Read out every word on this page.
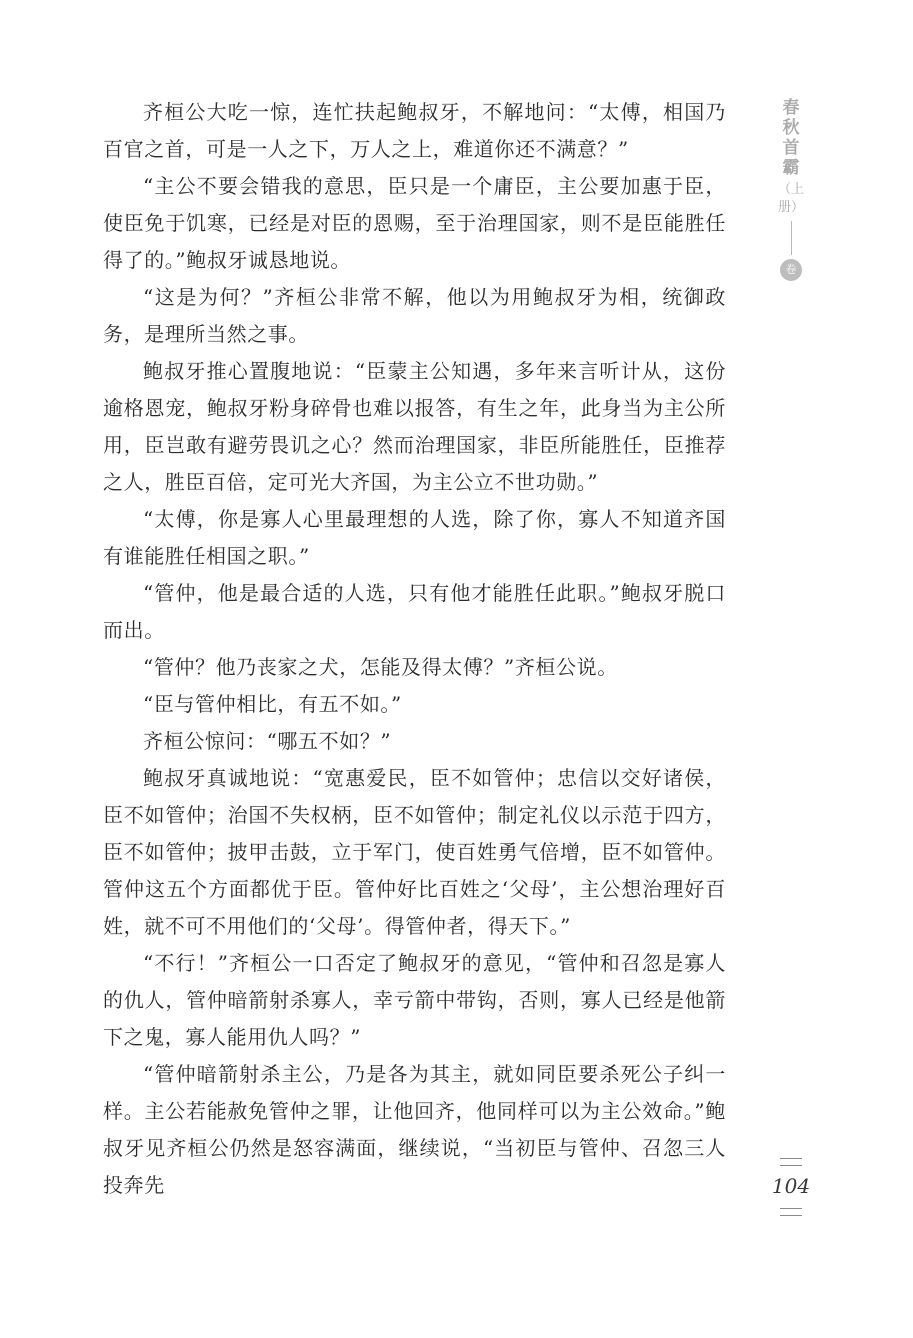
齐桓公大吃一惊，连忙扶起鲍叔牙，不解地问：“太傅，相国乃百官之首，可是一人之下，万人之上，难道你还不满意？”

“主公不要会错我的意思，臣只是一个庸臣，主公要加惠于臣，使臣免于饥寒，已经是对臣的恩赐，至于治理国家，则不是臣能胜任得了的。”鲍叔牙诚恳地说。

“这是为何？”齐桓公非常不解，他以为用鲍叔牙为相，统御政务，是理所当然之事。

鲍叔牙推心置腹地说：“臣蒙主公知遇，多年来言听计从，这份逾格恩宠，鲍叔牙粉身碎骨也难以报答，有生之年，此身当为主公所用，臣岂敢有避劳畏讥之心？然而治理国家，非臣所能胜任，臣推荐之人，胜臣百倍，定可光大齐国，为主公立不世功勋。”

“太傅，你是寡人心里最理想的人选，除了你，寡人不知道齐国有谁能胜任相国之职。”

“管仲，他是最合适的人选，只有他才能胜任此职。”鲍叔牙脱口而出。

“管仲？他乃丧家之犬，怎能及得太傅？”齐桓公说。

“臣与管仲相比，有五不如。”

齐桓公惊问：“哪五不如？”

鲍叔牙真诚地说：“宽惠爱民，臣不如管仲；忠信以交好诸侯，臣不如管仲；治国不失权柄，臣不如管仲；制定礼仪以示范于四方，臣不如管仲；披甲击鼓，立于军门，使百姓勇气倍增，臣不如管仲。管仲这五个方面都优于臣。管仲好比百姓之‘父母’，主公想治理好百姓，就不可不用他们的‘父母’。得管仲者，得天下。”

“不行！”齐桓公一口否定了鲍叔牙的意见，“管仲和召忽是寡人的仇人，管仲暗箭射杀寡人，幸亏箭中带钩，否则，寡人已经是他箭下之鬼，寡人能用仇人吗？”

“管仲暗箭射杀主公，乃是各为其主，就如同臣要杀死公子纠一样。主公若能赦免管仲之罪，让他回齐，他同样可以为主公效命。”鲍叔牙见齐桓公仍然是怒容满面，继续说，“当初臣与管仲、召忽三人投奔先

春
秋
首
霸
（上册）
卷
104
